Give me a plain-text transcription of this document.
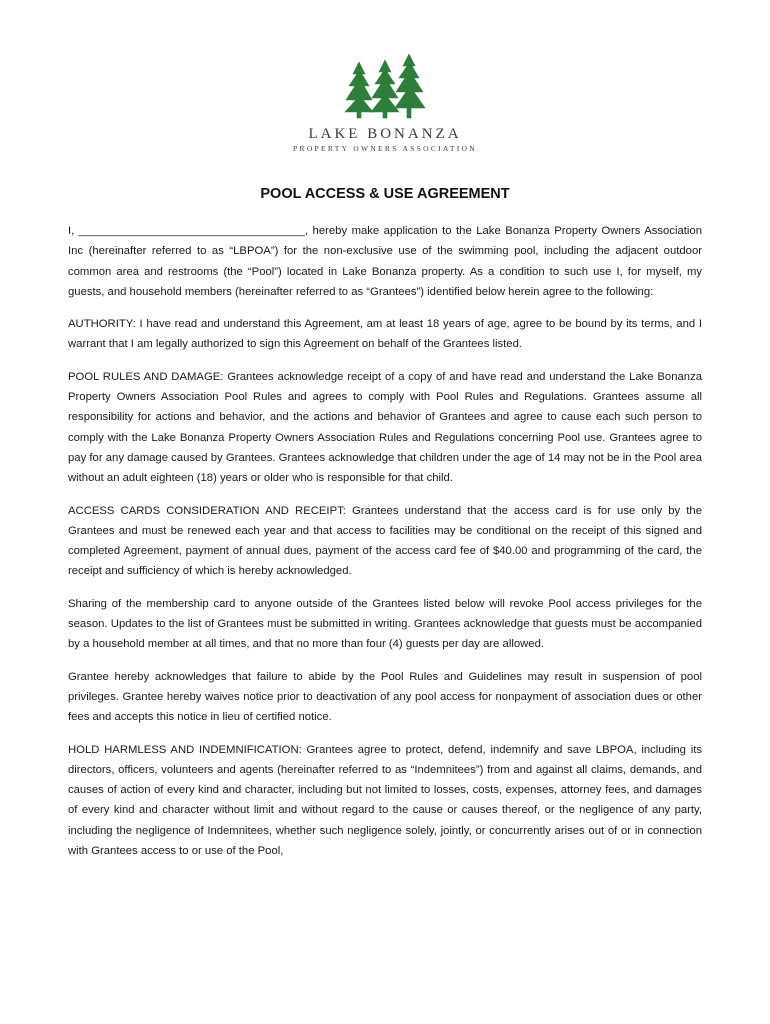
LAKE BONANZA
PROPERTY OWNERS ASSOCIATION
POOL ACCESS & USE AGREEMENT

I, ____________________________________, hereby make application to the Lake Bonanza Property Owners Association Inc (hereinafter referred to as “LBPOA”) for the non-exclusive use of the swimming pool, including the adjacent outdoor common area and restrooms (the “Pool”) located in Lake Bonanza property. As a condition to such use I, for myself, my guests, and household members (hereinafter referred to as “Grantees”) identified below herein agree to the following:

AUTHORITY: I have read and understand this Agreement, am at least 18 years of age, agree to be bound by its terms, and I warrant that I am legally authorized to sign this Agreement on behalf of the Grantees listed.

POOL RULES AND DAMAGE: Grantees acknowledge receipt of a copy of and have read and understand the Lake Bonanza Property Owners Association Pool Rules and agrees to comply with Pool Rules and Regulations. Grantees assume all responsibility for actions and behavior, and the actions and behavior of Grantees and agree to cause each such person to comply with the Lake Bonanza Property Owners Association Rules and Regulations concerning Pool use. Grantees agree to pay for any damage caused by Grantees. Grantees acknowledge that children under the age of 14 may not be in the Pool area without an adult eighteen (18) years or older who is responsible for that child.

ACCESS CARDS CONSIDERATION AND RECEIPT: Grantees understand that the access card is for use only by the Grantees and must be renewed each year and that access to facilities may be conditional on the receipt of this signed and completed Agreement, payment of annual dues, payment of the access card fee of $40.00 and programming of the card, the receipt and sufficiency of which is hereby acknowledged.

Sharing of the membership card to anyone outside of the Grantees listed below will revoke Pool access privileges for the season. Updates to the list of Grantees must be submitted in writing. Grantees acknowledge that guests must be accompanied by a household member at all times, and that no more than four (4) guests per day are allowed.

Grantee hereby acknowledges that failure to abide by the Pool Rules and Guidelines may result in suspension of pool privileges. Grantee hereby waives notice prior to deactivation of any pool access for nonpayment of association dues or other fees and accepts this notice in lieu of certified notice.

HOLD HARMLESS AND INDEMNIFICATION: Grantees agree to protect, defend, indemnify and save LBPOA, including its directors, officers, volunteers and agents (hereinafter referred to as “Indemnitees”) from and against all claims, demands, and causes of action of every kind and character, including but not limited to losses, costs, expenses, attorney fees, and damages of every kind and character without limit and without regard to the cause or causes thereof, or the negligence of any party, including the negligence of Indemnitees, whether such negligence solely, jointly, or concurrently arises out of or in connection with Grantees access to or use of the Pool,
